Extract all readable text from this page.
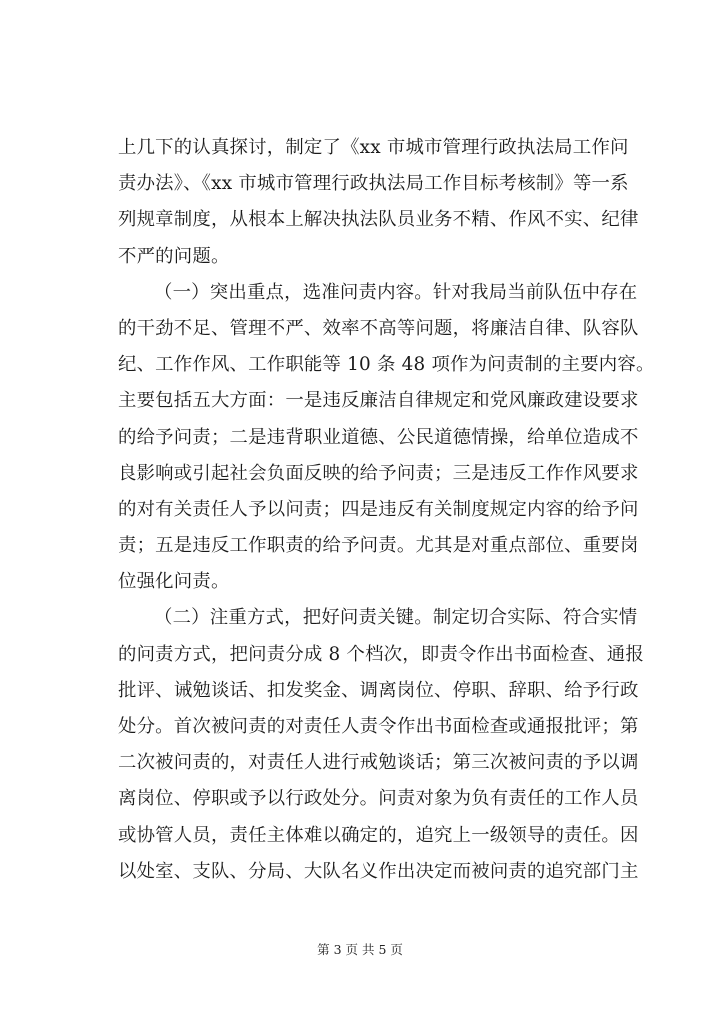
上几下的认真探讨，制定了《xx 市城市管理行政执法局工作问
责办法》、《xx 市城市管理行政执法局工作目标考核制》等一系
列规章制度，从根本上解决执法队员业务不精、作风不实、纪律
不严的问题。
（一）突出重点，选准问责内容。针对我局当前队伍中存在
的干劲不足、管理不严、效率不高等问题，将廉洁自律、队容队
纪、工作作风、工作职能等 10 条 48 项作为问责制的主要内容。
主要包括五大方面：一是违反廉洁自律规定和党风廉政建设要求
的给予问责；二是违背职业道德、公民道德情操，给单位造成不
良影响或引起社会负面反映的给予问责；三是违反工作作风要求
的对有关责任人予以问责；四是违反有关制度规定内容的给予问
责；五是违反工作职责的给予问责。尤其是对重点部位、重要岗
位强化问责。
（二）注重方式，把好问责关键。制定切合实际、符合实情
的问责方式，把问责分成 8 个档次，即责令作出书面检查、通报
批评、诫勉谈话、扣发奖金、调离岗位、停职、辞职、给予行政
处分。首次被问责的对责任人责令作出书面检查或通报批评；第
二次被问责的，对责任人进行戒勉谈话；第三次被问责的予以调
离岗位、停职或予以行政处分。问责对象为负有责任的工作人员
或协管人员，责任主体难以确定的，追究上一级领导的责任。因
以处室、支队、分局、大队名义作出决定而被问责的追究部门主
第 3 页 共 5 页
